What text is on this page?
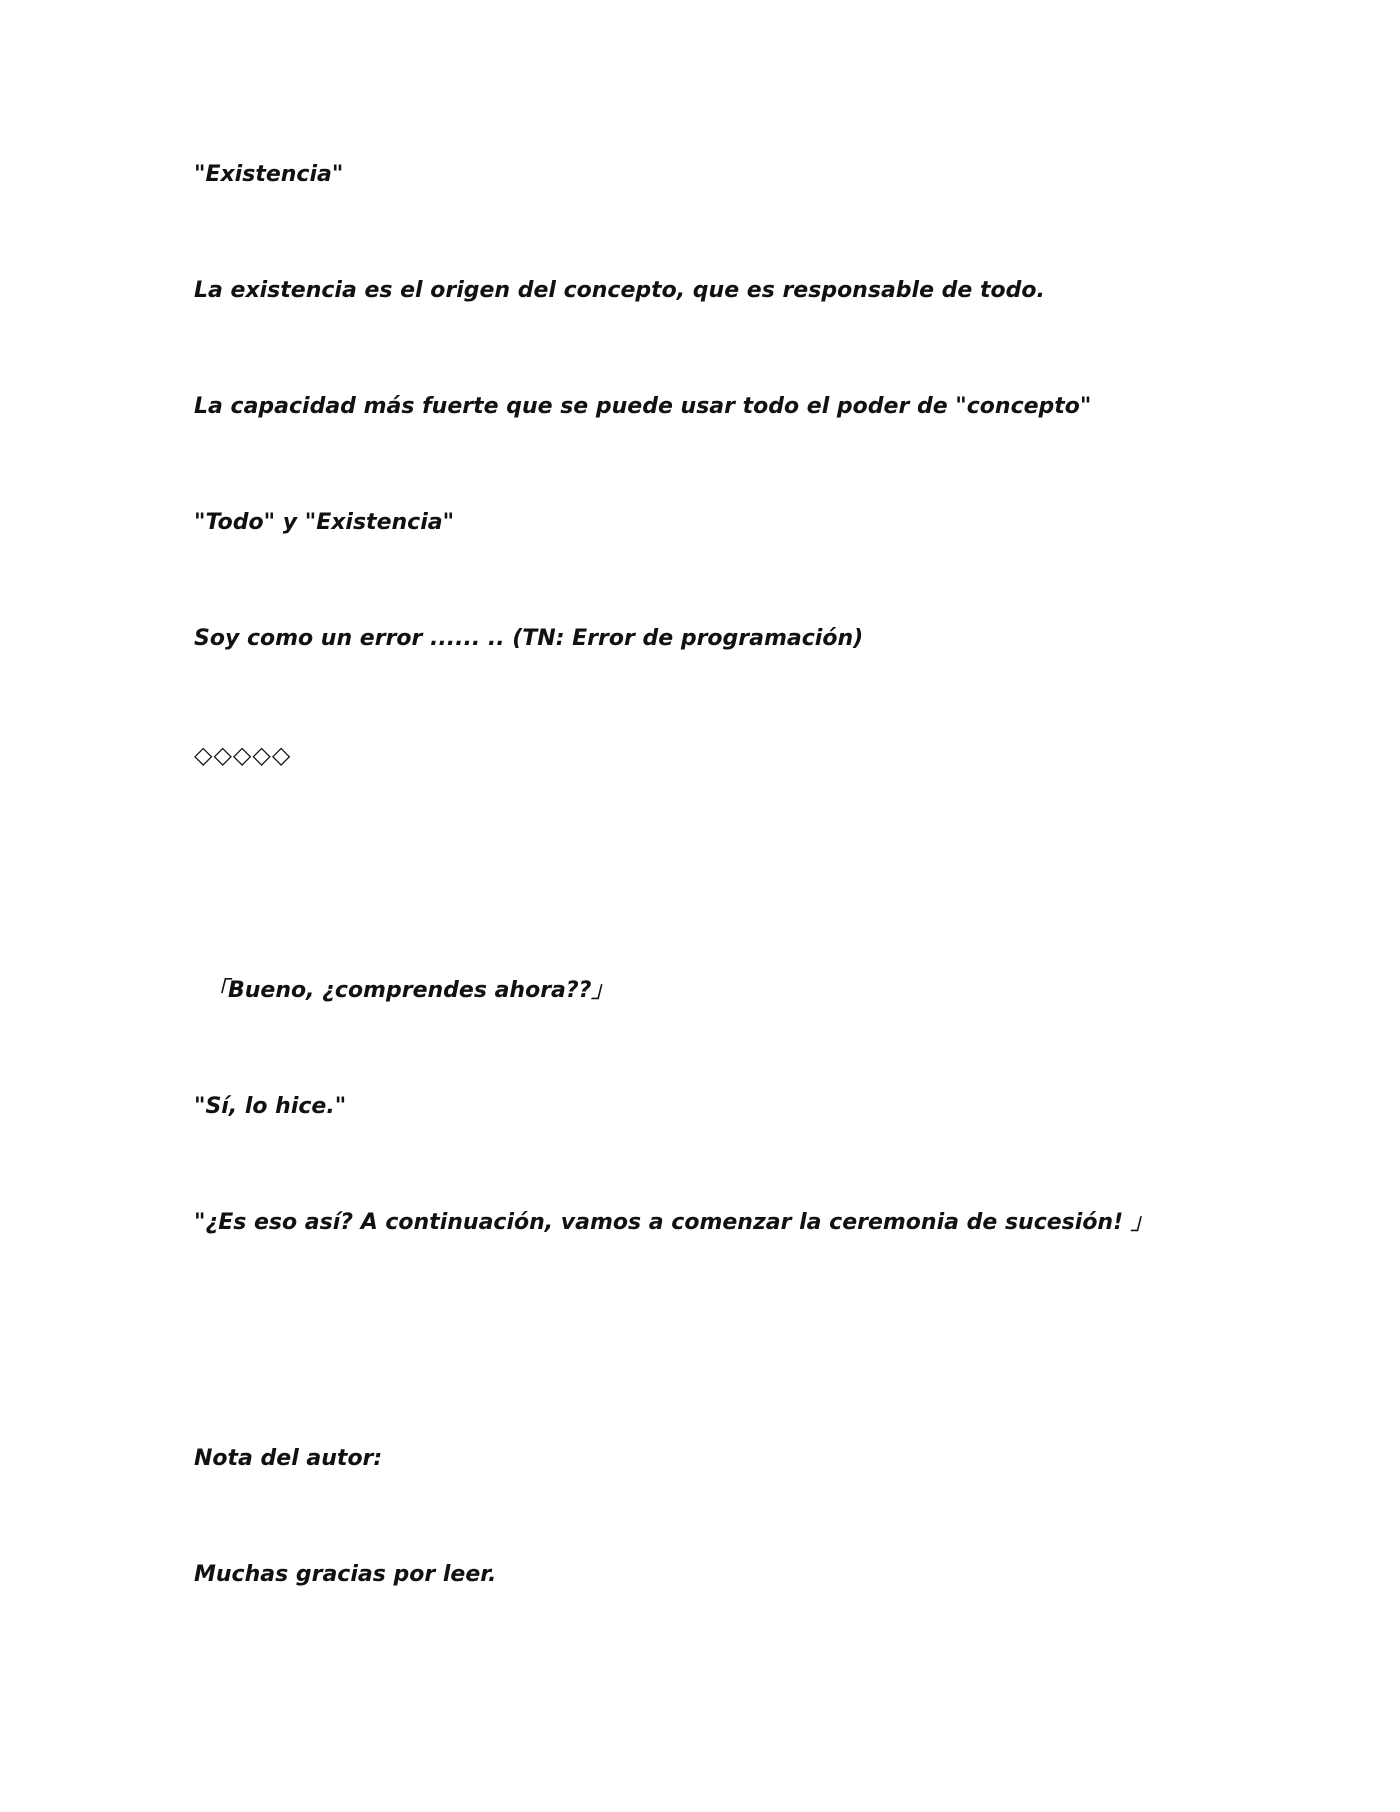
"Existencia"

La existencia es el origen del concepto, que es responsable de todo.

La capacidad más fuerte que se puede usar todo el poder de "concepto"

"Todo" y "Existencia"

Soy como un error ...... .. (TN: Error de programación)

◇◇◇◇◇

「Bueno, ¿comprendes ahora??」

"Sí, lo hice."

"¿Es eso así? A continuación, vamos a comenzar la ceremonia de sucesión! 」

Nota del autor:

Muchas gracias por leer.
